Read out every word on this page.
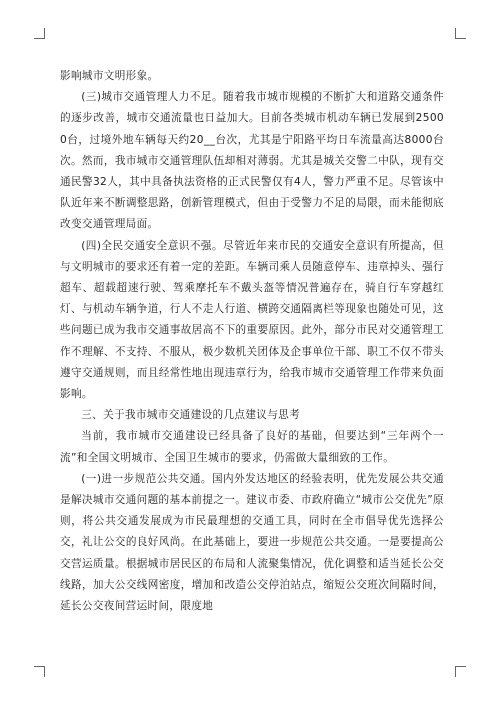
影响城市文明形象。

(三)城市交通管理人力不足。随着我市城市规模的不断扩大和道路交通条件的逐步改善，城市交通流量也日益加大。目前各类城市机动车辆已发展到25000台，过境外地车辆每天约20__台次，尤其是宁阳路平均日车流量高达8000台次。然而，我市城市交通管理队伍却相对薄弱。尤其是城关交警二中队，现有交通民警32人，其中具备执法资格的正式民警仅有4人，警力严重不足。尽管该中队近年来不断调整思路，创新管理模式，但由于受警力不足的局限，而未能彻底改变交通管理局面。

(四)全民交通安全意识不强。尽管近年来市民的交通安全意识有所提高，但与文明城市的要求还有着一定的差距。车辆司乘人员随意停车、违章掉头、强行超车、超载超速行驶、驾乘摩托车不戴头盔等情况普遍存在，骑自行车穿越红灯、与机动车辆争道，行人不走人行道、横跨交通隔离栏等现象也随处可见，这些问题已成为我市交通事故居高不下的重要原因。此外，部分市民对交通管理工作不理解、不支持、不服从，极少数机关团体及企事单位干部、职工不仅不带头遵守交通规则，而且经常性地出现违章行为，给我市城市交通管理工作带来负面影响。

三、关于我市城市交通建设的几点建议与思考

当前，我市城市交通建设已经具备了良好的基础，但要达到“三年两个一流”和全国文明城市、全国卫生城市的要求，仍需做大量细致的工作。

(一)进一步规范公共交通。国内外发达地区的经验表明，优先发展公共交通是解决城市交通问题的基本前提之一。建议市委、市政府确立“城市公交优先”原则，将公共交通发展成为市民最理想的交通工具，同时在全市倡导优先选择公交，礼让公交的良好风尚。在此基础上，要进一步规范公共交通。一是要提高公交营运质量。根据城市居民区的布局和人流聚集情况，优化调整和适当延长公交线路，加大公交线网密度，增加和改造公交停泊站点，缩短公交班次间隔时间，延长公交夜间营运时间，限度地
